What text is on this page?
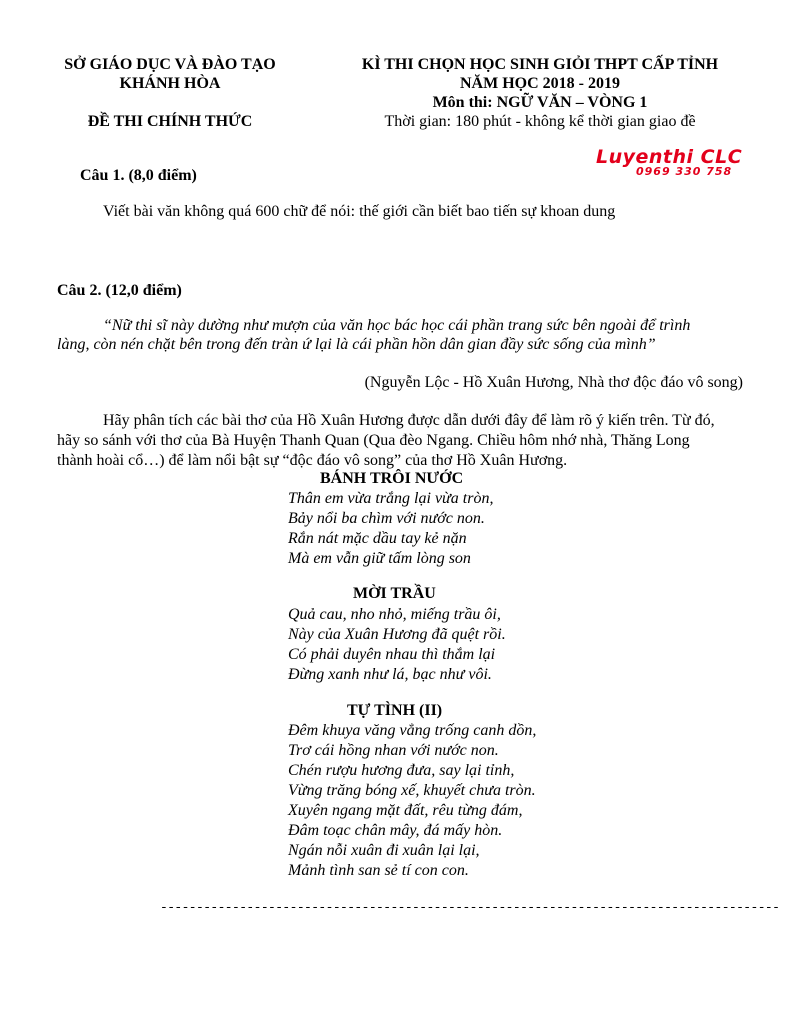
SỞ GIÁO DỤC VÀ ĐÀO TẠO
KHÁNH HÒA
ĐỀ THI CHÍNH THỨC
KÌ THI CHỌN HỌC SINH GIỎI THPT CẤP TỈNH
NĂM HỌC 2018 - 2019
Môn thi: NGỮ VĂN – VÒNG 1
Thời gian: 180 phút - không kể thời gian giao đề
Luyenthi CLC
0969 330 758
Câu 1. (8,0 điểm)
Viết bài văn không quá 600 chữ để nói: thế giới cần biết bao tiến sự khoan dung
Câu 2. (12,0 điểm)
“Nữ thi sĩ này dường như mượn của văn học bác học cái phần trang sức bên ngoài để trình
làng, còn nén chặt bên trong đến tràn ứ lại là cái phần hồn dân gian đầy sức sống của mình”
(Nguyễn Lộc - Hồ Xuân Hương, Nhà thơ độc đáo vô song)
Hãy phân tích các bài thơ của Hồ Xuân Hương được dẫn dưới đây để làm rõ ý kiến trên. Từ đó,
hãy so sánh với thơ của Bà Huyện Thanh Quan (Qua đèo Ngang. Chiều hôm nhớ nhà, Thăng Long
thành hoài cổ…) để làm nổi bật sự “độc đáo vô song” của thơ Hồ Xuân Hương.
BÁNH TRÔI NƯỚC
Thân em vừa trắng lại vừa tròn,
Bảy nổi ba chìm với nước non.
Rắn nát mặc dầu tay kẻ nặn
Mà em vẫn giữ tấm lòng son
MỜI TRẦU
Quả cau, nho nhỏ, miếng trầu ôi,
Này của Xuân Hương đã quệt rồi.
Có phải duyên nhau thì thắm lại
Đừng xanh như lá, bạc như vôi.
TỰ TÌNH (II)
Đêm khuya văng vẳng trống canh dồn,
Trơ cái hồng nhan với nước non.
Chén rượu hương đưa, say lại tỉnh,
Vừng trăng bóng xế, khuyết chưa tròn.
Xuyên ngang mặt đất, rêu từng đám,
Đâm toạc chân mây, đá mấy hòn.
Ngán nỗi xuân đi xuân lại lại,
Mảnh tình san sẻ tí con con.
--------------------------------------------------------------------------------------
